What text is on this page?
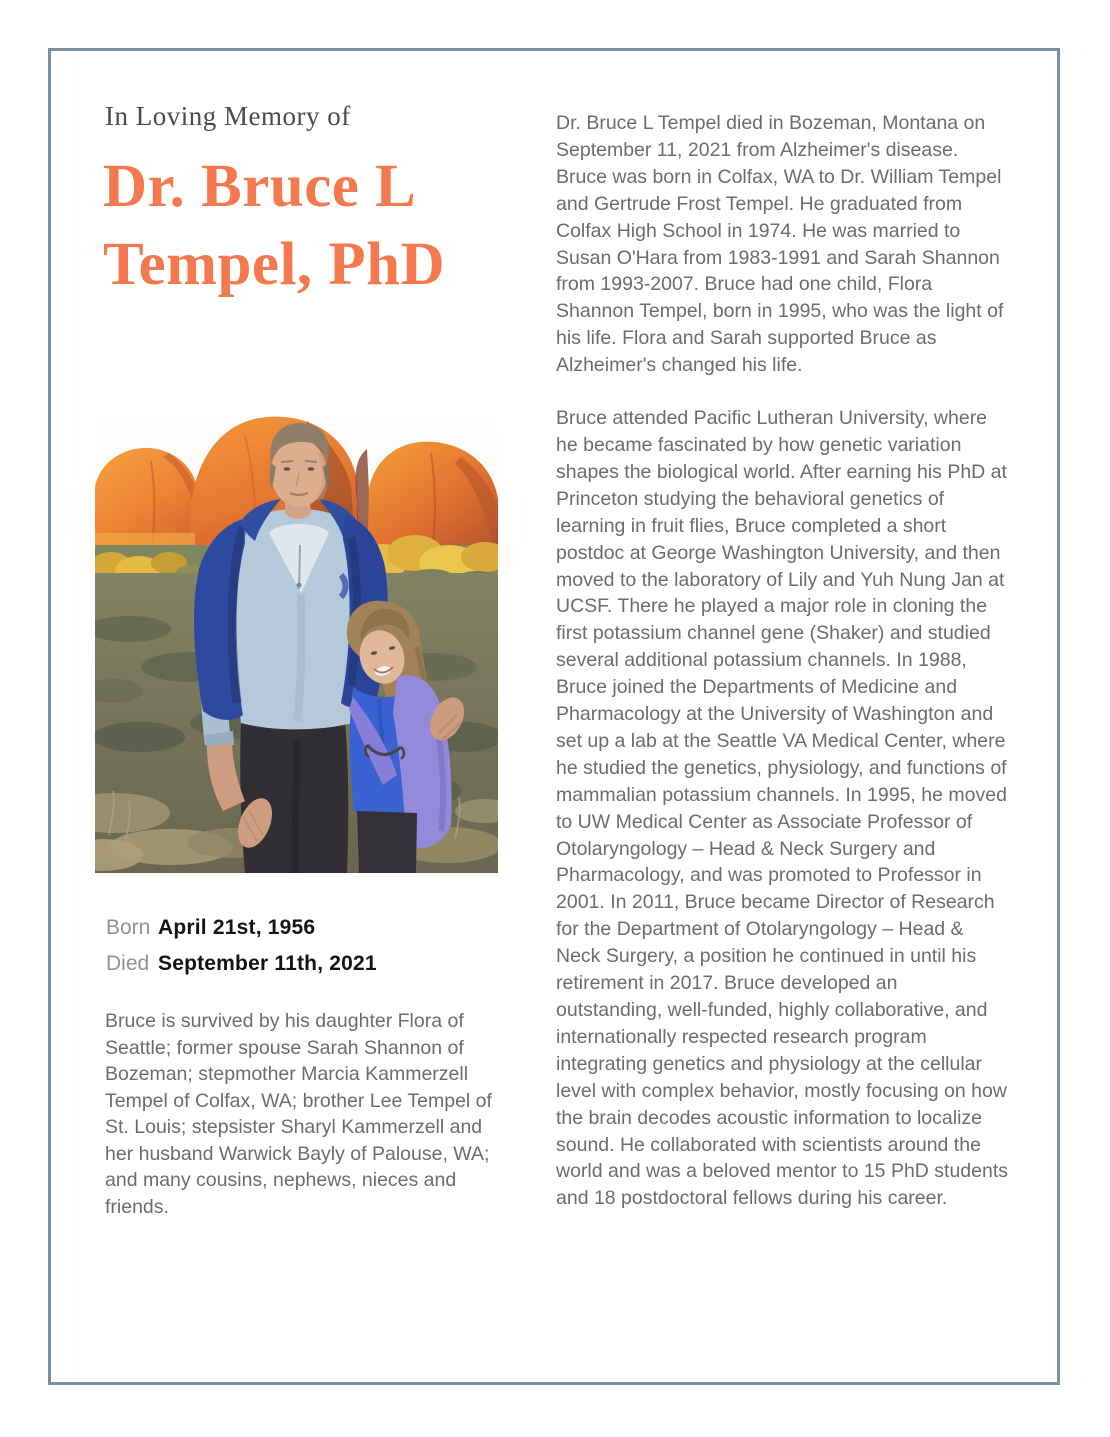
In Loving Memory of
Dr. Bruce L
Tempel, PhD
Born April 21st, 1956
Died September 11th, 2021

Bruce is survived by his daughter Flora of Seattle; former spouse Sarah Shannon of Bozeman; stepmother Marcia Kammerzell Tempel of Colfax, WA; brother Lee Tempel of St. Louis; stepsister Sharyl Kammerzell and her husband Warwick Bayly of Palouse, WA; and many cousins, nephews, nieces and friends.

Dr. Bruce L Tempel died in Bozeman, Montana on September 11, 2021 from Alzheimer's disease. Bruce was born in Colfax, WA to Dr. William Tempel and Gertrude Frost Tempel. He graduated from Colfax High School in 1974. He was married to Susan O'Hara from 1983-1991 and Sarah Shannon from 1993-2007. Bruce had one child, Flora Shannon Tempel, born in 1995, who was the light of his life. Flora and Sarah supported Bruce as Alzheimer's changed his life.

Bruce attended Pacific Lutheran University, where he became fascinated by how genetic variation shapes the biological world. After earning his PhD at Princeton studying the behavioral genetics of learning in fruit flies, Bruce completed a short postdoc at George Washington University, and then moved to the laboratory of Lily and Yuh Nung Jan at UCSF. There he played a major role in cloning the first potassium channel gene (Shaker) and studied several additional potassium channels. In 1988, Bruce joined the Departments of Medicine and Pharmacology at the University of Washington and set up a lab at the Seattle VA Medical Center, where he studied the genetics, physiology, and functions of mammalian potassium channels. In 1995, he moved to UW Medical Center as Associate Professor of Otolaryngology – Head & Neck Surgery and Pharmacology, and was promoted to Professor in 2001. In 2011, Bruce became Director of Research for the Department of Otolaryngology – Head & Neck Surgery, a position he continued in until his retirement in 2017. Bruce developed an outstanding, well-funded, highly collaborative, and internationally respected research program integrating genetics and physiology at the cellular level with complex behavior, mostly focusing on how the brain decodes acoustic information to localize sound. He collaborated with scientists around the world and was a beloved mentor to 15 PhD students and 18 postdoctoral fellows during his career.
